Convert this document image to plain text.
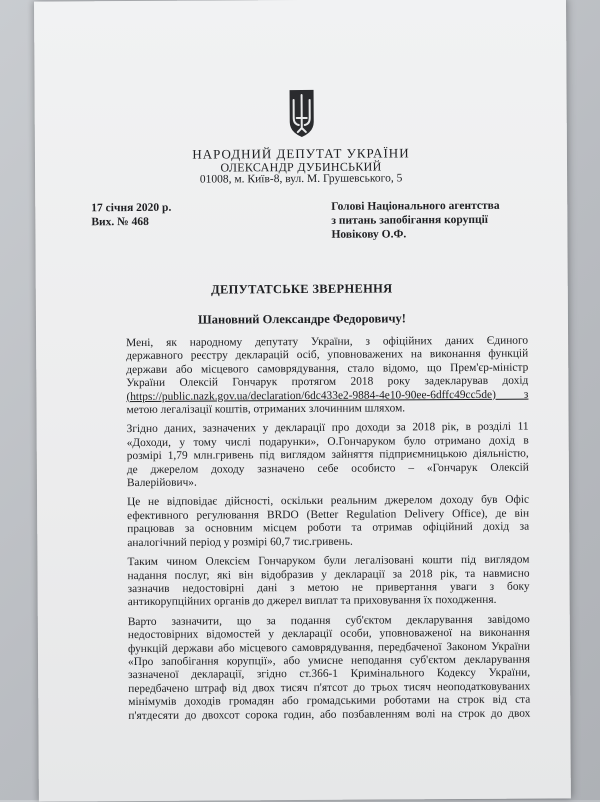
НАРОДНИЙ ДЕПУТАТ УКРАЇНИ

ОЛЕКСАНДР ДУБИНСЬКИЙ

01008, м. Київ-8, вул. М. Грушевського, 5

17 січня 2020 р.
Вих. № 468
Голові Національного агентства
з питань запобігання корупції
Новікову О.Ф.
ДЕПУТАТСЬКЕ ЗВЕРНЕННЯ
Шановний Олександре Федоровичу!

Мені, як народному депутату України, з офіційних даних Єдиного
державного реєстру декларацій осіб, уповноважених на виконання функцій
держави або місцевого самоврядування, стало відомо, що Прем'єр-міністр
України Олексій Гончарук протягом 2018 року задекларував дохід
(https://public.nazk.gov.ua/declaration/6dc433e2-9884-4e10-90ee-6dffc49cc5de) з
метою легалізації коштів, отриманих злочинним шляхом.

Згідно даних, зазначених у декларації про доходи за 2018 рік, в розділі 11
«Доходи, у тому числі подарунки», О.Гончаруком було отримано дохід в
розмірі 1,79 млн.гривень під виглядом зайняття підприємницькою діяльністю,
де джерелом доходу зазначено себе особисто – «Гончарук Олексій
Валерійович».

Це не відповідає дійсності, оскільки реальним джерелом доходу був Офіс
ефективного регулювання BRDO (Better Regulation Delivery Office), де він
працював за основним місцем роботи та отримав офіційний дохід за
аналогічний період у розмірі 60,7 тис.гривень.

Таким чином Олексієм Гончаруком були легалізовані кошти під виглядом
надання послуг, які він відобразив у декларації за 2018 рік, та навмисно
зазначив недостовірні дані з метою не привертання уваги з боку
антикорупційних органів до джерел виплат та приховування їх походження.

Варто зазначити, що за подання суб'єктом декларування завідомо
недостовірних відомостей у декларації особи, уповноваженої на виконання
функцій держави або місцевого самоврядування, передбаченої Законом України
«Про запобігання корупції», або умисне неподання суб'єктом декларування
зазначеної декларації, згідно ст.366-1 Кримінального Кодексу України,
передбачено штраф від двох тисяч п'ятсот до трьох тисяч неоподатковуваних
мінімумів доходів громадян або громадськими роботами на строк від ста
п'ятдесяти до двохсот сорока годин, або позбавленням волі на строк до двох
